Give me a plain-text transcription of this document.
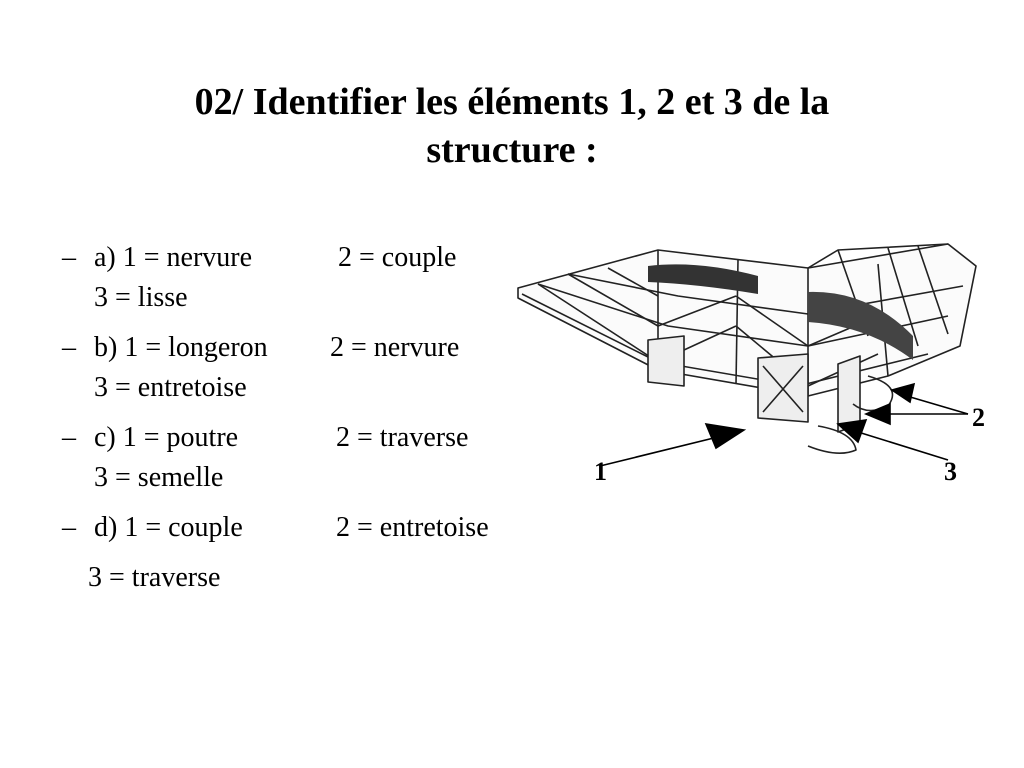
02/ Identifier les éléments 1, 2 et 3 de la
structure :
– a) 1 = nervure	2 = couple
3 = lisse
– b) 1 = longeron 2 = nervure
3 = entretoise
– c) 1 = poutre	2 = traverse
3 = semelle
– d) 1 = couple	2 = entretoise
3 = traverse
1
2
3
